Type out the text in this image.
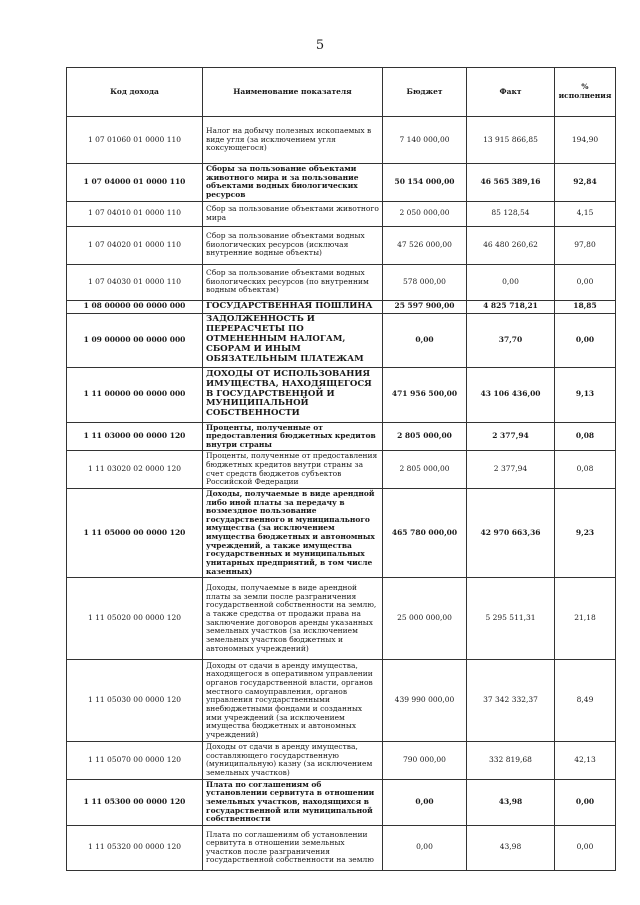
5
Код дохода	Наименование показателя	Бюджет	Факт	% исполнения
1 07 01060 01 0000 110	Налог на добычу полезных ископаемых в виде угля (за исключением угля коксующегося)	7 140 000,00	13 915 866,85	194,90
1 07 04000 01 0000 110	Сборы за пользование объектами животного мира и за пользование объектами водных биологических ресурсов	50 154 000,00	46 565 389,16	92,84
1 07 04010 01 0000 110	Сбор за пользование объектами животного мира	2 050 000,00	85 128,54	4,15
1 07 04020 01 0000 110	Сбор за пользование объектами водных биологических ресурсов (исключая внутренние водные объекты)	47 526 000,00	46 480 260,62	97,80
1 07 04030 01 0000 110	Сбор за пользование объектами водных биологических ресурсов (по внутренним водным объектам)	578 000,00	0,00	0,00
1 08 00000 00 0000 000	ГОСУДАРСТВЕННАЯ ПОШЛИНА	25 597 900,00	4 825 718,21	18,85
1 09 00000 00 0000 000	ЗАДОЛЖЕННОСТЬ И ПЕРЕРАСЧЕТЫ ПО ОТМЕНЕННЫМ НАЛОГАМ, СБОРАМ И ИНЫМ ОБЯЗАТЕЛЬНЫМ ПЛАТЕЖАМ	0,00	37,70	0,00
1 11 00000 00 0000 000	ДОХОДЫ ОТ ИСПОЛЬЗОВАНИЯ ИМУЩЕСТВА, НАХОДЯЩЕГОСЯ В ГОСУДАРСТВЕННОЙ И МУНИЦИПАЛЬНОЙ СОБСТВЕННОСТИ	471 956 500,00	43 106 436,00	9,13
1 11 03000 00 0000 120	Проценты, полученные от предоставления бюджетных кредитов внутри страны	2 805 000,00	2 377,94	0,08
1 11 03020 02 0000 120	Проценты, полученные от предоставления бюджетных кредитов внутри страны за счет средств бюджетов субъектов Российской Федерации	2 805 000,00	2 377,94	0,08
1 11 05000 00 0000 120	Доходы, получаемые в виде арендной либо иной платы за передачу в возмездное пользование государственного и муниципального имущества (за исключением имущества бюджетных и автономных учреждений, а также имущества государственных и муниципальных унитарных предприятий, в том числе казенных)	465 780 000,00	42 970 663,36	9,23
1 11 05020 00 0000 120	Доходы, получаемые в виде арендной платы за земли после разграничения государственной собственности на землю, а также средства от продажи права на заключение договоров аренды указанных земельных участков (за исключением земельных участков бюджетных и автономных учреждений)	25 000 000,00	5 295 511,31	21,18
1 11 05030 00 0000 120	Доходы от сдачи в аренду имущества, находящегося в оперативном управлении органов государственной власти, органов местного самоуправления, органов управления государственными внебюджетными фондами и созданных ими учреждений (за исключением имущества бюджетных и автономных учреждений)	439 990 000,00	37 342 332,37	8,49
1 11 05070 00 0000 120	Доходы от сдачи в аренду имущества, составляющего государственную (муниципальную) казну (за исключением земельных участков)	790 000,00	332 819,68	42,13
1 11 05300 00 0000 120	Плата по соглашениям об установлении сервитута в отношении земельных участков, находящихся в государственной или муниципальной собственности	0,00	43,98	0,00
1 11 05320 00 0000 120	Плата по соглашениям об установлении сервитута в отношении земельных участков после разграничения государственной собственности на землю	0,00	43,98	0,00
